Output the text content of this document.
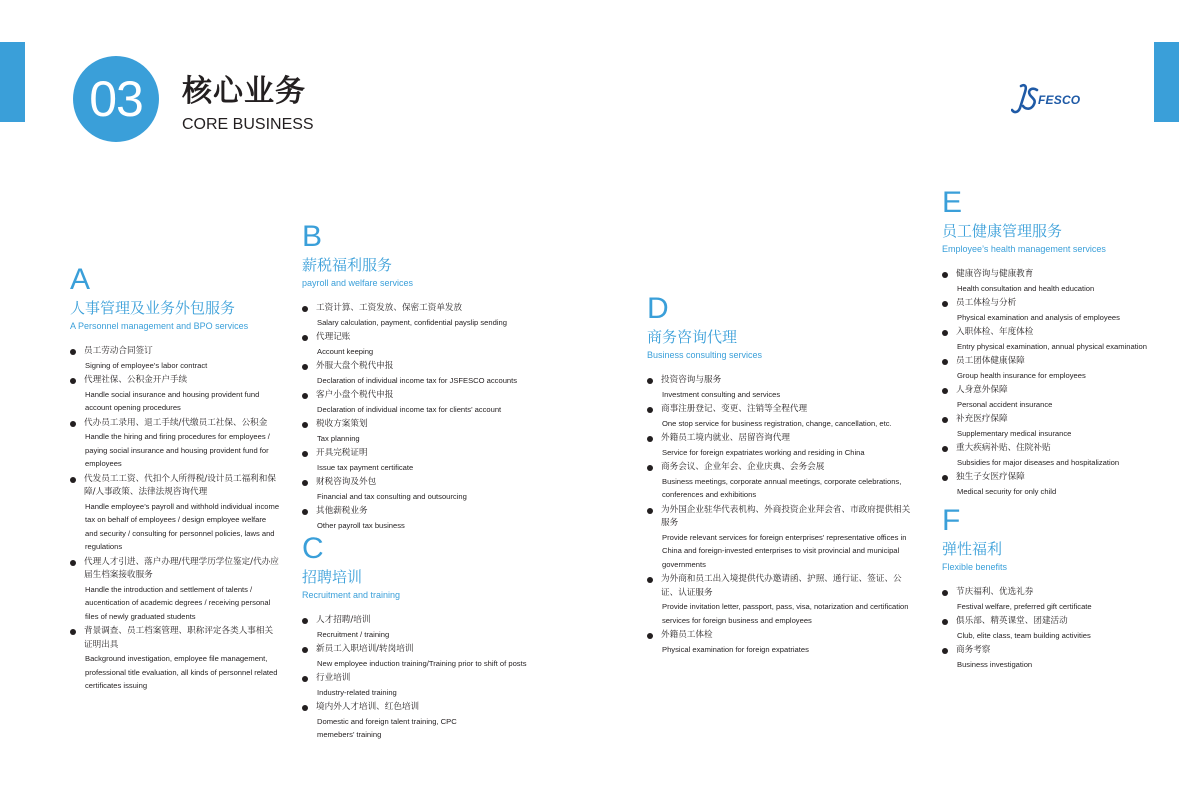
03	核心业务
CORE BUSINESS
FESCO
A
人事管理及业务外包服务
A Personnel management and BPO services
员工劳动合同签订
Signing of employee’s labor contract
代理社保、公积金开户手续
Handle social insurance and housing provident fund account opening procedures
代办员工录用、退工手续/代缴员工社保、公积金
Handle the hiring and firing procedures for employees / paying social insurance and housing provident fund for employees
代发员工工资、代扣个人所得税/设计员工福利和保障/人事政策、法律法规咨询代理
Handle employee’s payroll and withhold individual income tax on behalf of employees / design employee welfare and security / consulting for personnel policies, laws and regulations
代理人才引进、落户办理/代理学历学位鉴定/代办应届生档案接收服务
Handle the introduction and settlement of talents / aucentication of academic degrees / receiving personal files of newly graduated students
背景调查、员工档案管理、职称评定各类人事相关证明出具
Background investigation, employee file management, professional title evaluation, all kinds of personnel related certificates issuing
B
薪税福利服务
payroll and welfare services
工资计算、工资发放、保密工资单发放
Salary calculation, payment, confidential payslip sending
代理记账
Account keeping
外服大盘个税代申报
Declaration of individual income tax for JSFESCO accounts
客户小盘个税代申报
Declaration of individual income tax for clients’ account
税收方案策划
Tax planning
开具完税证明
Issue tax payment certificate
财税咨询及外包
Financial and tax consulting and outsourcing
其他薪税业务
Other payroll tax business
C
招聘培训
Recruitment and training
人才招聘/培训
Recruitment / training
新员工入职培训/转岗培训
New employee induction training/Training prior to shift of posts
行业培训
Industry-related training
境内外人才培训、红色培训
Domestic and foreign talent training, CPC memebers’ training
D
商务咨询代理
Business consulting services
投资咨询与服务
Investment consulting and services
商事注册登记、变更、注销等全程代理
One stop service for business registration, change, cancellation, etc.
外籍员工境内就业、居留咨询代理
Service for foreign expatriates working and residing in China
商务会议、企业年会、企业庆典、会务会展
Business meetings, corporate annual meetings, corporate celebrations, conferences and exhibitions
为外国企业驻华代表机构、外商投资企业拜会省、市政府提供相关服务
Provide relevant services for foreign enterprises' representative offices in China and foreign-invested enterprises to visit provincial and municipal governments
为外商和员工出入境提供代办邀请函、护照、通行证、签证、公证、认证服务
Provide invitation letter, passport, pass, visa, notarization and certification services for foreign business and employees
外籍员工体检
Physical examination for foreign expatriates
E
员工健康管理服务
Employee’s health management services
健康咨询与健康教育
Health consultation and health education
员工体检与分析
Physical examination and analysis of employees
入职体检、年度体检
Entry physical examination, annual physical examination
员工团体健康保障
Group health insurance for employees
人身意外保障
Personal accident insurance
补充医疗保障
Supplementary medical insurance
重大疾病补贴、住院补贴
Subsidies for major diseases and hospitalization
独生子女医疗保障
Medical security for only child
F
弹性福利
Flexible benefits
节庆福利、优选礼券
Festival welfare, preferred gift certificate
俱乐部、精英课堂、团建活动
Club, elite class, team building activities
商务考察
Business investigation
